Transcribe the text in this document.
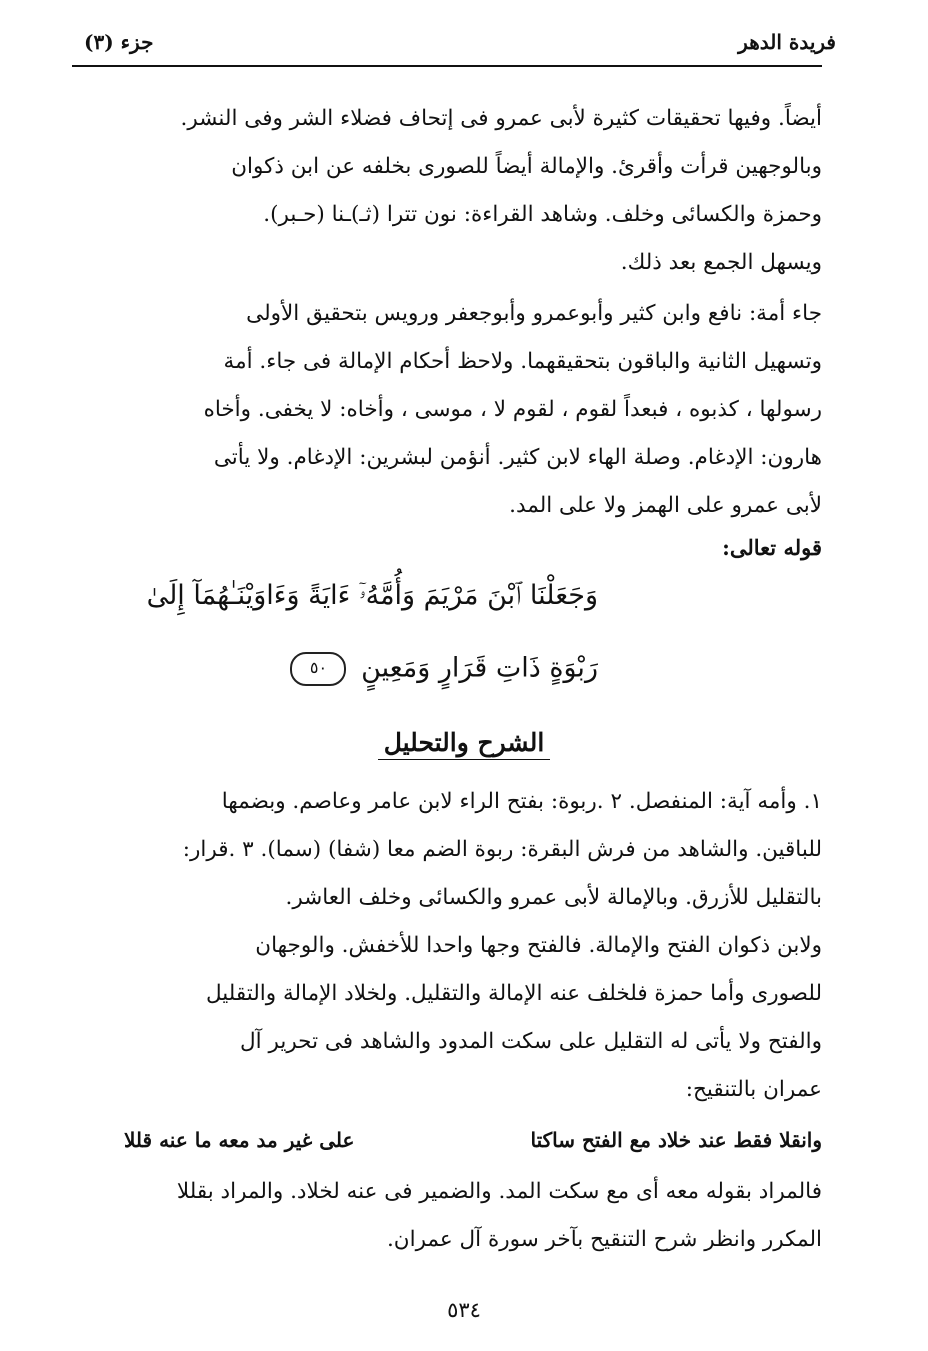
فريدة الدهر
جزء (٣)
أيضاً. وفيها تحقيقات كثيرة لأبى عمرو فى إتحاف فضلاء الشر وفى النشر.
وبالوجهين قرأت وأقرئ. والإمالة أيضاً للصورى بخلفه عن ابن ذكوان
وحمزة والكسائى وخلف. وشاهد القراءة: نون تترا (ثـ)ـنا (حـبر).
ويسهل الجمع بعد ذلك.
جاء أمة: نافع وابن كثير وأبوعمرو وأبوجعفر ورويس بتحقيق الأولى
وتسهيل الثانية والباقون بتحقيقهما. ولاحظ أحكام الإمالة فى جاء. أمة
رسولها ، كذبوه ، فبعداً لقوم ، لقوم لا ، موسى ، وأخاه: لا يخفى. وأخاه
هارون: الإدغام. وصلة الهاء لابن كثير. أنؤمن لبشرين: الإدغام. ولا يأتى
لأبى عمرو على الهمز ولا على المد.
قوله تعالى:
وَجَعَلْنَا ٱبْنَ مَرْيَمَ وَأُمَّهُۥٓ ءَايَةً وَءَاوَيْنَـٰهُمَآ إِلَىٰ
رَبْوَةٍ ذَاتِ قَرَارٍ وَمَعِينٍ ٥٠
الشرح والتحليل
١. وأمه آية: المنفصل. ٢ .ربوة: بفتح الراء لابن عامر وعاصم. وبضمها
للباقين. والشاهد من فرش البقرة: ربوة الضم معا (شفا) (سما). ٣ .قرار:
بالتقليل للأزرق. وبالإمالة لأبى عمرو والكسائى وخلف العاشر.
ولابن ذكوان الفتح والإمالة. فالفتح وجها واحدا للأخفش. والوجهان
للصورى وأما حمزة فلخلف عنه الإمالة والتقليل. ولخلاد الإمالة والتقليل
والفتح ولا يأتى له التقليل على سكت المدود والشاهد فى تحرير آل
عمران بالتنقيح:
وانقلا فقط عند خلاد مع الفتح ساكتا
على غير مد معه ما عنه قللا
فالمراد بقوله معه أى مع سكت المد. والضمير فى عنه لخلاد. والمراد بقللا
المكرر وانظر شرح التنقيح بآخر سورة آل عمران.
٥٣٤
